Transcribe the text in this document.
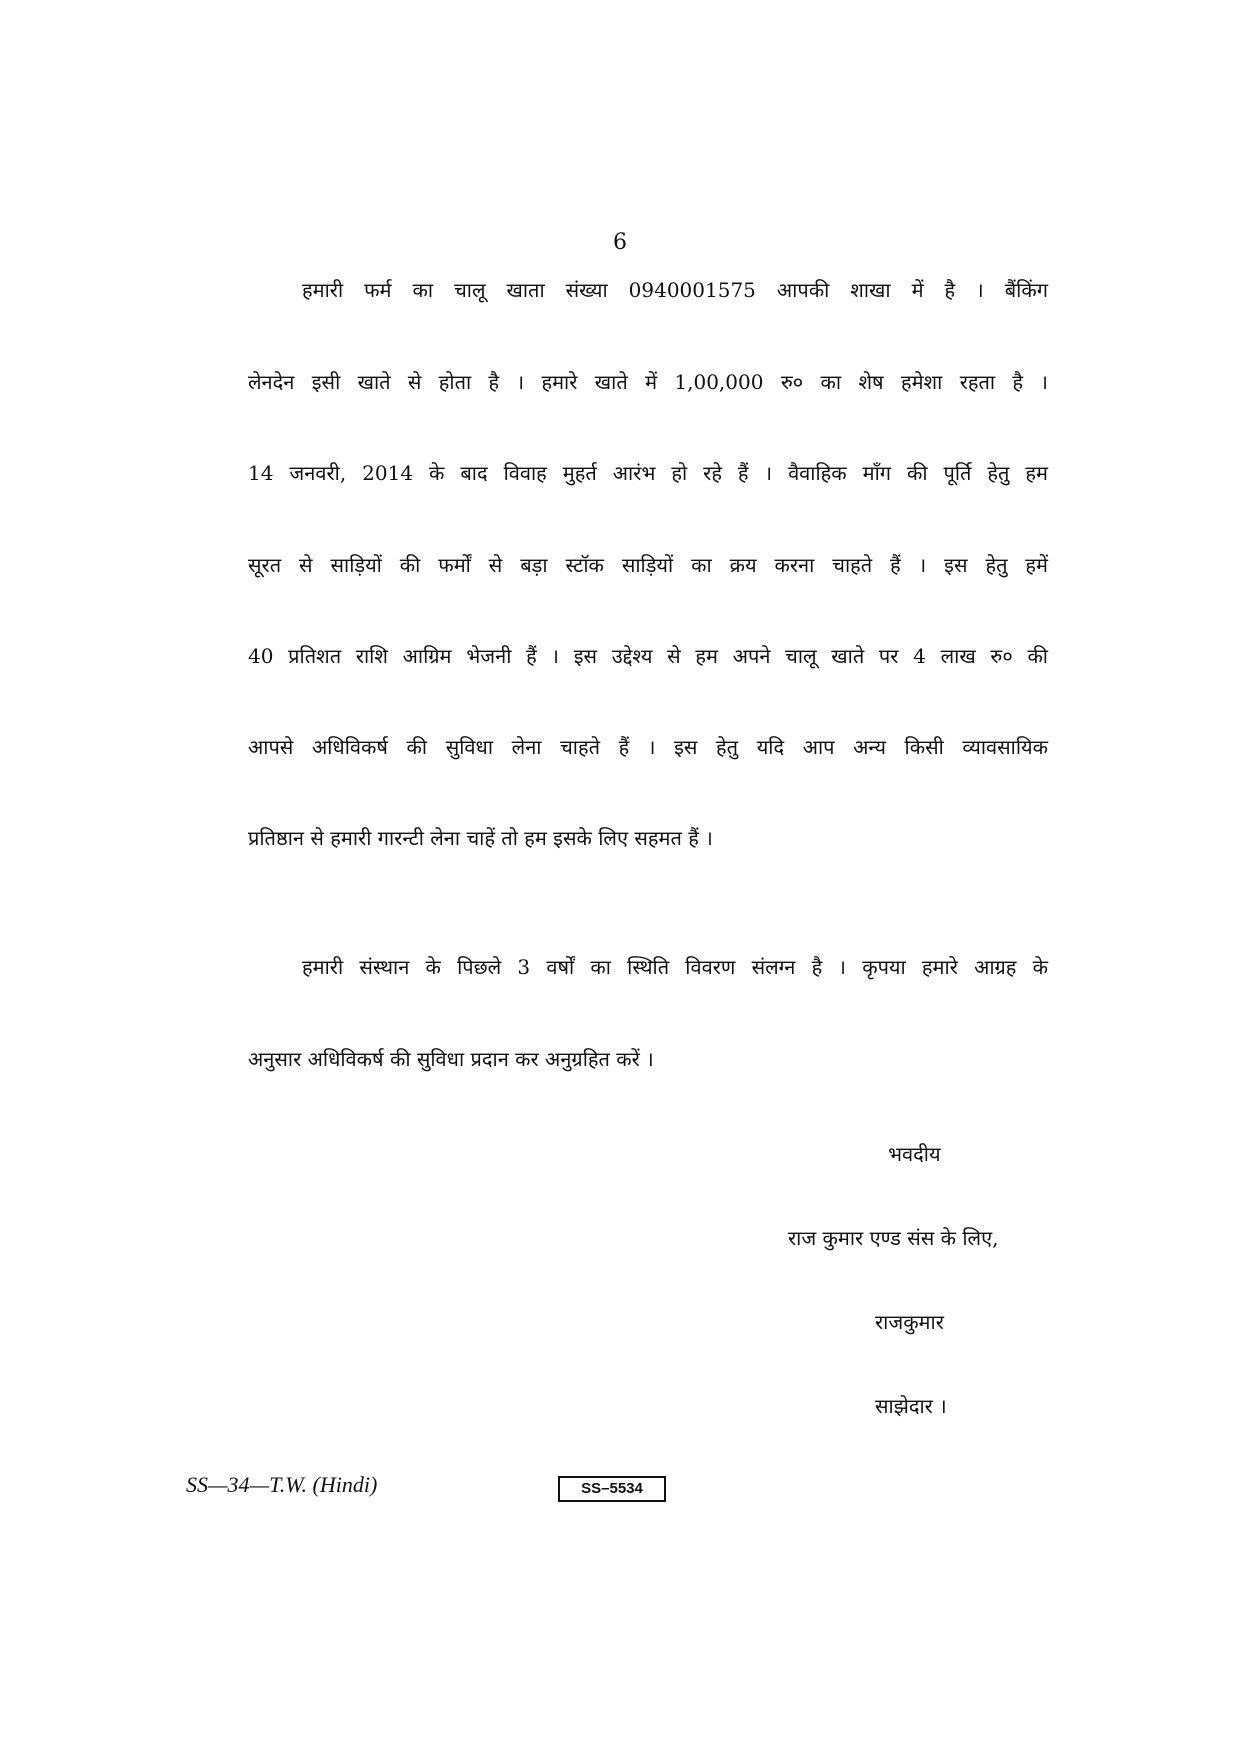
6
हमारी फर्म का चालू खाता संख्या 0940001575 आपकी शाखा में है । बैंकिंग
लेनदेन इसी खाते से होता है । हमारे खाते में 1,00,000 रु० का शेष हमेशा रहता है ।
14 जनवरी, 2014 के बाद विवाह मुहर्त आरंभ हो रहे हैं । वैवाहिक माँग की पूर्ति हेतु हम
सूरत से साड़ियों की फर्मों से बड़ा स्टॉक साड़ियों का क्रय करना चाहते हैं । इस हेतु हमें
40 प्रतिशत राशि आग्रिम भेजनी हैं । इस उद्देश्य से हम अपने चालू खाते पर 4 लाख रु० की
आपसे अधिविकर्ष की सुविधा लेना चाहते हैं । इस हेतु यदि आप अन्य किसी व्यावसायिक
प्रतिष्ठान से हमारी गारन्टी लेना चाहें तो हम इसके लिए सहमत हैं ।
हमारी संस्थान के पिछले 3 वर्षों का स्थिति विवरण संलग्न है । कृपया हमारे आग्रह के
अनुसार अधिविकर्ष की सुविधा प्रदान कर अनुग्रहित करें ।
भवदीय
राज कुमार एण्ड संस के लिए,
राजकुमार
साझेदार ।
SS—34—T.W. (Hindi)	SS–5534
